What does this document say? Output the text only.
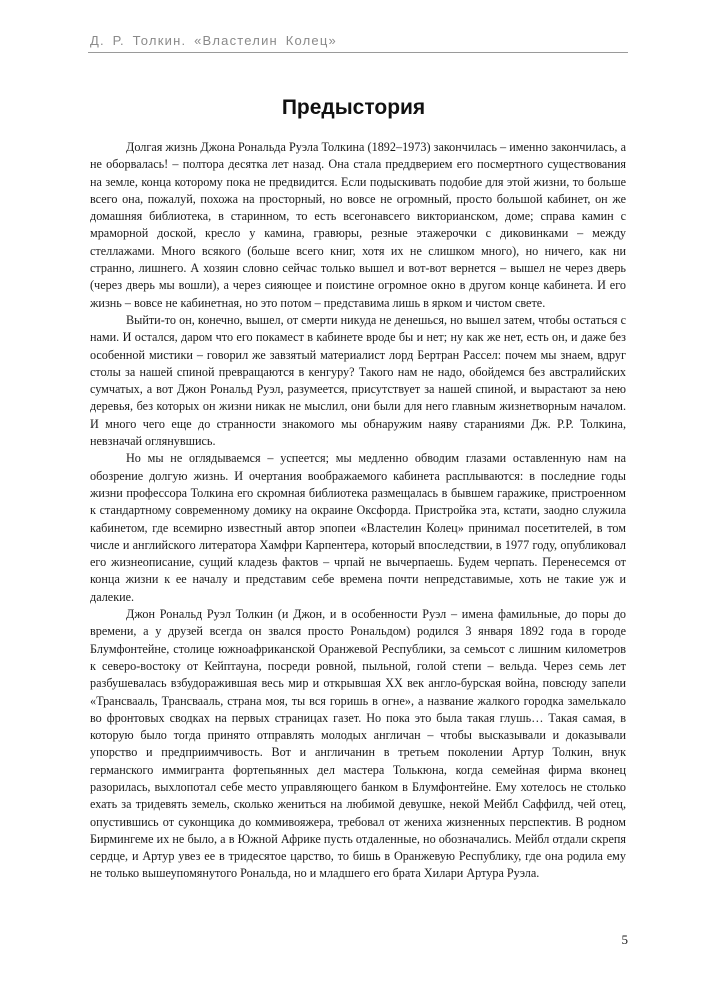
Д. Р. Толкин. «Властелин Колец»
Предыстория

Долгая жизнь Джона Рональда Руэла Толкина (1892–1973) закончилась – именно закончилась, а не оборвалась! – полтора десятка лет назад. Она стала преддверием его посмертного существования на земле, конца которому пока не предвидится. Если подыскивать подобие для этой жизни, то больше всего она, пожалуй, похожа на просторный, но вовсе не огромный, просто большой кабинет, он же домашняя библиотека, в старинном, то есть всегонавсего викторианском, доме; справа камин с мраморной доской, кресло у камина, гравюры, резные этажерочки с диковинками – между стеллажами. Много всякого (больше всего книг, хотя их не слишком много), но ничего, как ни странно, лишнего. А хозяин словно сейчас только вышел и вот-вот вернется – вышел не через дверь (через дверь мы вошли), а через сияющее и поистине огромное окно в другом конце кабинета. И его жизнь – вовсе не кабинетная, но это потом – представима лишь в ярком и чистом свете.

Выйти-то он, конечно, вышел, от смерти никуда не денешься, но вышел затем, чтобы остаться с нами. И остался, даром что его покамест в кабинете вроде бы и нет; ну как же нет, есть он, и даже без особенной мистики – говорил же завзятый материалист лорд Бертран Рассел: почем мы знаем, вдруг столы за нашей спиной превращаются в кенгуру? Такого нам не надо, обойдемся без австралийских сумчатых, а вот Джон Рональд Руэл, разумеется, присутствует за нашей спиной, и вырастают за нею деревья, без которых он жизни никак не мыслил, они были для него главным жизнетворным началом. И много чего еще до странности знакомого мы обнаружим наяву стараниями Дж. Р.Р. Толкина, невзначай оглянувшись.

Но мы не оглядываемся – успеется; мы медленно обводим глазами оставленную нам на обозрение долгую жизнь. И очертания воображаемого кабинета расплываются: в последние годы жизни профессора Толкина его скромная библиотека размещалась в бывшем гаражике, пристроенном к стандартному современному домику на окраине Оксфорда. Пристройка эта, кстати, заодно служила кабинетом, где всемирно известный автор эпопеи «Властелин Колец» принимал посетителей, в том числе и английского литератора Хамфри Карпентера, который впоследствии, в 1977 году, опубликовал его жизнеописание, сущий кладезь фактов – чрпай не вычерпаешь. Будем черпать. Перенесемся от конца жизни к ее началу и представим себе времена почти непредставимые, хоть не такие уж и далекие.

Джон Рональд Руэл Толкин (и Джон, и в особенности Руэл – имена фамильные, до поры до времени, а у друзей всегда он звался просто Рональдом) родился 3 января 1892 года в городе Блумфонтейне, столице южноафриканской Оранжевой Республики, за семьсот с лишним километров к северо-востоку от Кейптауна, посреди ровной, пыльной, голой степи – вельда. Через семь лет разбушевалась взбудоражившая весь мир и открывшая XX век англо-бурская война, повсюду запели «Трансвааль, Трансвааль, страна моя, ты вся горишь в огне», а название жалкого городка замелькало во фронтовых сводках на первых страницах газет. Но пока это была такая глушь… Такая самая, в которую было тогда принято отправлять молодых англичан – чтобы высказывали и доказывали упорство и предприимчивость. Вот и англичанин в третьем поколении Артур Толкин, внук германского иммигранта фортепьянных дел мастера Толькюна, когда семейная фирма вконец разорилась, выхлопотал себе место управляющего банком в Блумфонтейне. Ему хотелось не столько ехать за тридевять земель, сколько жениться на любимой девушке, некой Мейбл Саффилд, чей отец, опустившись от суконщика до коммивояжера, требовал от жениха жизненных перспектив. В родном Бирмингеме их не было, а в Южной Африке пусть отдаленные, но обозначались. Мейбл отдали скрепя сердце, и Артур увез ее в тридесятое царство, то бишь в Оранжевую Республику, где она родила ему не только вышеупомянутого Рональда, но и младшего его брата Хилари Артура Руэла.

5
